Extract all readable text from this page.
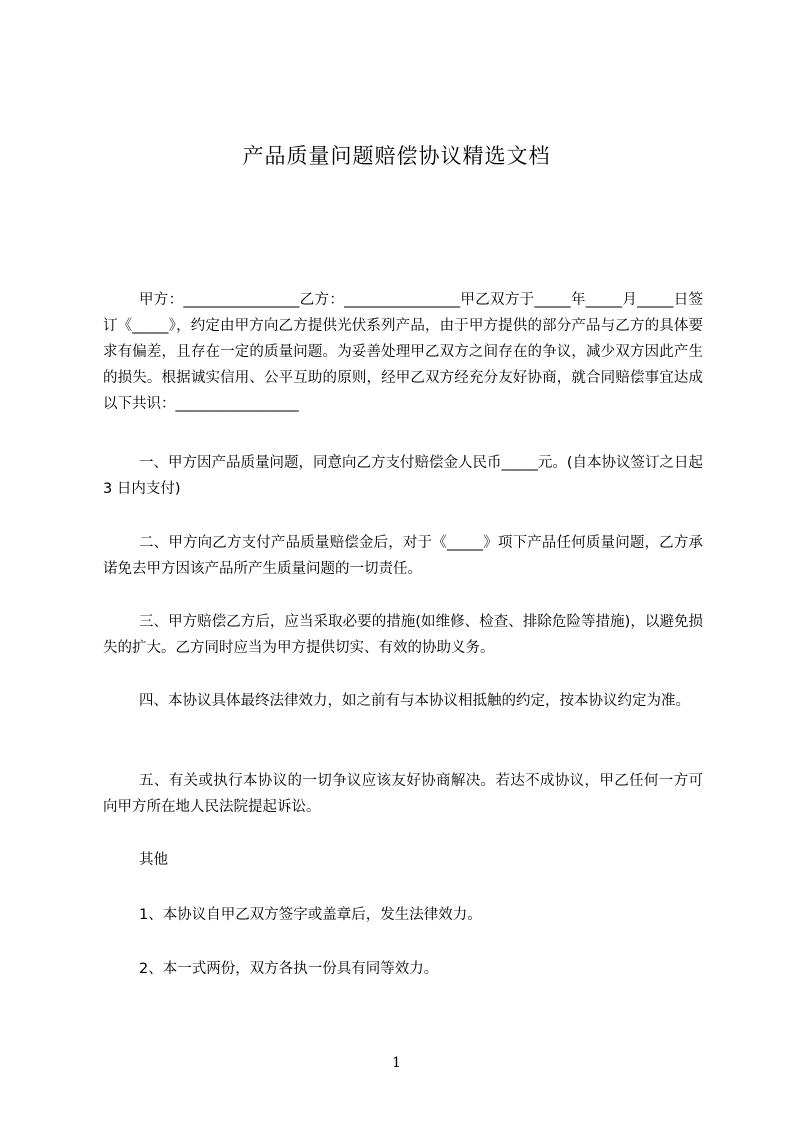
产品质量问题赔偿协议精选文档

甲方：________________乙方：________________甲乙双方于_____年_____月_____日签订《_____》，约定由甲方向乙方提供光伏系列产品，由于甲方提供的部分产品与乙方的具体要求有偏差，且存在一定的质量问题。为妥善处理甲乙双方之间存在的争议，减少双方因此产生的损失。根据诚实信用、公平互助的原则，经甲乙双方经充分友好协商，就合同赔偿事宜达成以下共识：_________________

一、甲方因产品质量问题，同意向乙方支付赔偿金人民币_____元。(自本协议签订之日起 3 日内支付)

二、甲方向乙方支付产品质量赔偿金后，对于《_____》项下产品任何质量问题，乙方承诺免去甲方因该产品所产生质量问题的一切责任。

三、甲方赔偿乙方后，应当采取必要的措施(如维修、检查、排除危险等措施)，以避免损失的扩大。乙方同时应当为甲方提供切实、有效的协助义务。

四、本协议具体最终法律效力，如之前有与本协议相抵触的约定，按本协议约定为准。

五、有关或执行本协议的一切争议应该友好协商解决。若达不成协议，甲乙任何一方可向甲方所在地人民法院提起诉讼。

其他

1、本协议自甲乙双方签字或盖章后，发生法律效力。

2、本一式两份，双方各执一份具有同等效力。

1
